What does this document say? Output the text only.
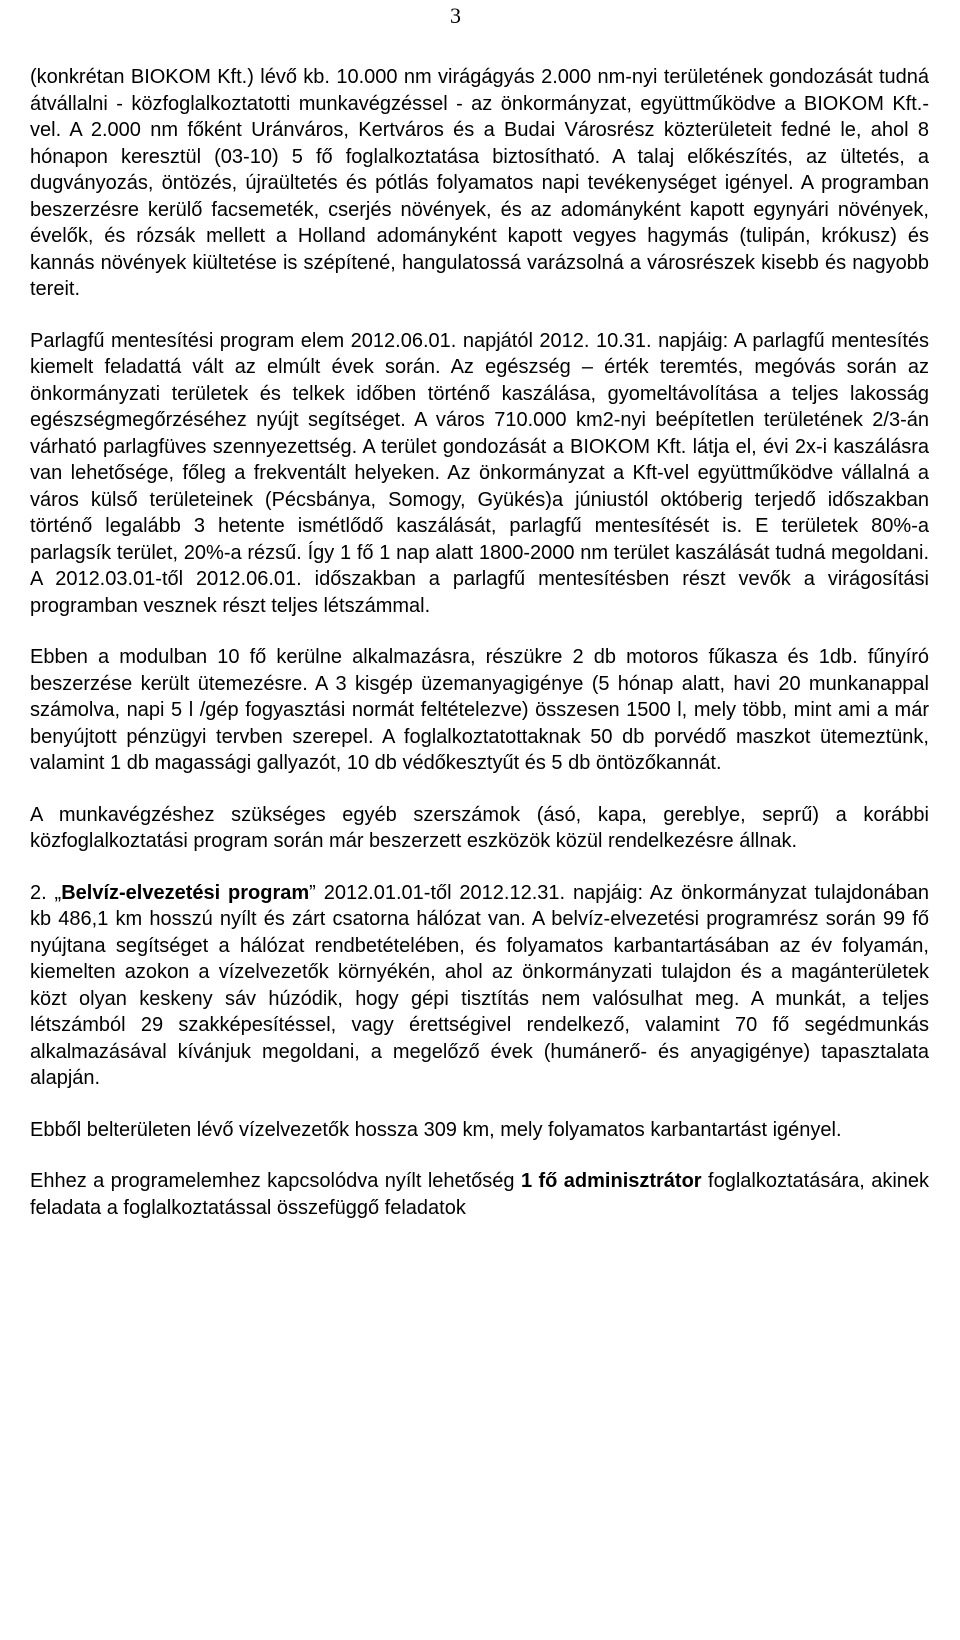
3

(konkrétan BIOKOM Kft.) lévő kb. 10.000 nm virágágyás 2.000 nm-nyi területének gondozását tudná átvállalni - közfoglalkoztatotti munkavégzéssel - az önkormányzat, együttműködve a BIOKOM Kft.-vel. A 2.000 nm főként Uránváros, Kertváros és a Budai Városrész közterületeit fedné le, ahol 8 hónapon keresztül (03-10) 5 fő foglalkoztatása biztosítható. A talaj előkészítés, az ültetés, a dugványozás, öntözés, újraültetés és pótlás folyamatos napi tevékenységet igényel. A programban beszerzésre kerülő facsemeték, cserjés növények, és az adományként kapott egynyári növények, évelők, és rózsák mellett a Holland adományként kapott vegyes hagymás (tulipán, krókusz) és kannás növények kiültetése is szépítené, hangulatossá varázsolná a városrészek kisebb és nagyobb tereit.

Parlagfű mentesítési program elem 2012.06.01. napjától 2012. 10.31. napjáig: A parlagfű mentesítés kiemelt feladattá vált az elmúlt évek során. Az egészség – érték teremtés, megóvás során az önkormányzati területek és telkek időben történő kaszálása, gyomeltávolítása a teljes lakosság egészségmegőrzéséhez nyújt segítséget. A város 710.000 km2-nyi beépítetlen területének 2/3-án várható parlagfüves szennyezettség. A terület gondozását a BIOKOM Kft. látja el, évi 2x-i kaszálásra van lehetősége, főleg a frekventált helyeken. Az önkormányzat a Kft-vel együttműködve vállalná a város külső területeinek (Pécsbánya, Somogy, Gyükés)a júniustól októberig terjedő időszakban történő legalább 3 hetente ismétlődő kaszálását, parlagfű mentesítését is. E területek 80%-a parlagsík terület, 20%-a rézsű. Így 1 fő 1 nap alatt 1800-2000 nm terület kaszálását tudná megoldani. A 2012.03.01-től 2012.06.01. időszakban a parlagfű mentesítésben részt vevők a virágosítási programban vesznek részt teljes létszámmal.

Ebben a modulban 10 fő kerülne alkalmazásra, részükre 2 db motoros fűkasza és 1db. fűnyíró beszerzése került ütemezésre. A 3 kisgép üzemanyagigénye (5 hónap alatt, havi 20 munkanappal számolva, napi 5 l /gép fogyasztási normát feltételezve) összesen 1500 l, mely több, mint ami a már benyújtott pénzügyi tervben szerepel. A foglalkoztatottaknak 50 db porvédő maszkot ütemeztünk, valamint 1 db magassági gallyazót, 10 db védőkesztyűt és 5 db öntözőkannát.

A munkavégzéshez szükséges egyéb szerszámok (ásó, kapa, gereblye, seprű) a korábbi közfoglalkoztatási program során már beszerzett eszközök közül rendelkezésre állnak.

2. „Belvíz-elvezetési program” 2012.01.01-től 2012.12.31. napjáig: Az önkormányzat tulajdonában kb 486,1 km hosszú nyílt és zárt csatorna hálózat van. A belvíz-elvezetési programrész során 99 fő nyújtana segítséget a hálózat rendbetételében, és folyamatos karbantartásában az év folyamán, kiemelten azokon a vízelvezetők környékén, ahol az önkormányzati tulajdon és a magánterületek közt olyan keskeny sáv húzódik, hogy gépi tisztítás nem valósulhat meg. A munkát, a teljes létszámból 29 szakképesítéssel, vagy érettségivel rendelkező, valamint 70 fő segédmunkás alkalmazásával kívánjuk megoldani, a megelőző évek (humánerő- és anyagigénye) tapasztalata alapján.

Ebből belterületen lévő vízelvezetők hossza 309 km, mely folyamatos karbantartást igényel.

Ehhez a programelemhez kapcsolódva nyílt lehetőség 1 fő adminisztrátor foglalkoztatására, akinek feladata a foglalkoztatással összefüggő feladatok
